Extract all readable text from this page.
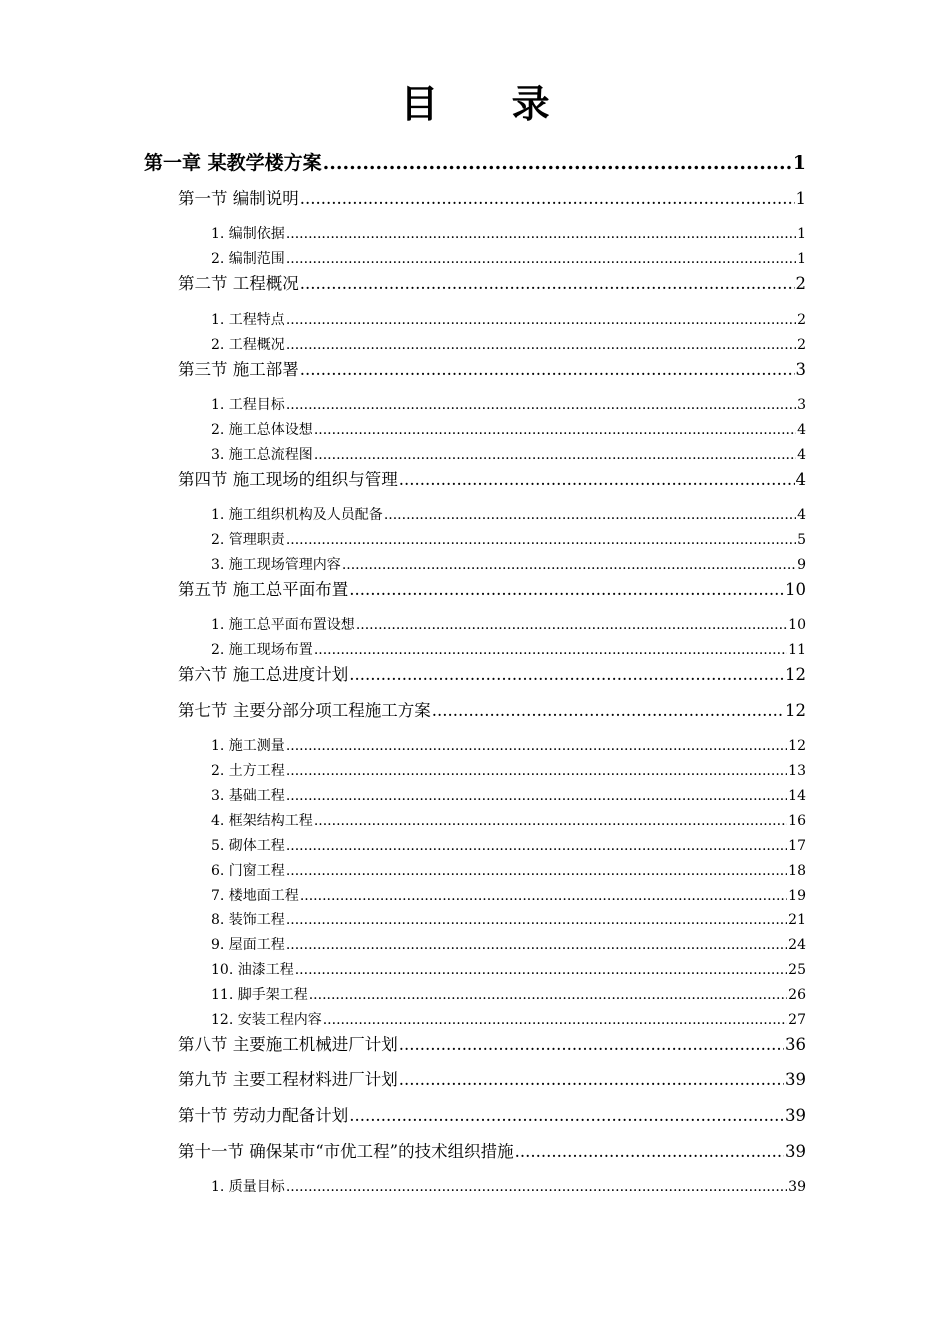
目 录
第一章 某教学楼方案 .....	1
第一节 编制说明 .....	1
1. 编制依据 .....	1
2. 编制范围 .....	1
第二节 工程概况 .....	2
1. 工程特点 .....	2
2. 工程概况 .....	2
第三节 施工部署 .....	3
1. 工程目标 .....	3
2. 施工总体设想 .....	4
3. 施工总流程图 .....	4
第四节 施工现场的组织与管理 .....	4
1. 施工组织机构及人员配备 .....	4
2. 管理职责 .....	5
3. 施工现场管理内容 .....	9
第五节 施工总平面布置 .....	10
1. 施工总平面布置设想 .....	10
2. 施工现场布置 .....	11
第六节 施工总进度计划 .....	12
第七节 主要分部分项工程施工方案 .....	12
1. 施工测量 .....	12
2. 土方工程 .....	13
3. 基础工程 .....	14
4. 框架结构工程 .....	16
5. 砌体工程 .....	17
6. 门窗工程 .....	18
7. 楼地面工程 .....	19
8. 装饰工程 .....	21
9. 屋面工程 .....	24
10. 油漆工程 .....	25
11. 脚手架工程 .....	26
12. 安装工程内容 .....	27
第八节 主要施工机械进厂计划 .....	36
第九节 主要工程材料进厂计划 .....	39
第十节 劳动力配备计划 .....	39
第十一节 确保某市“市优工程”的技术组织措施 .....	39
1. 质量目标 .....	39
